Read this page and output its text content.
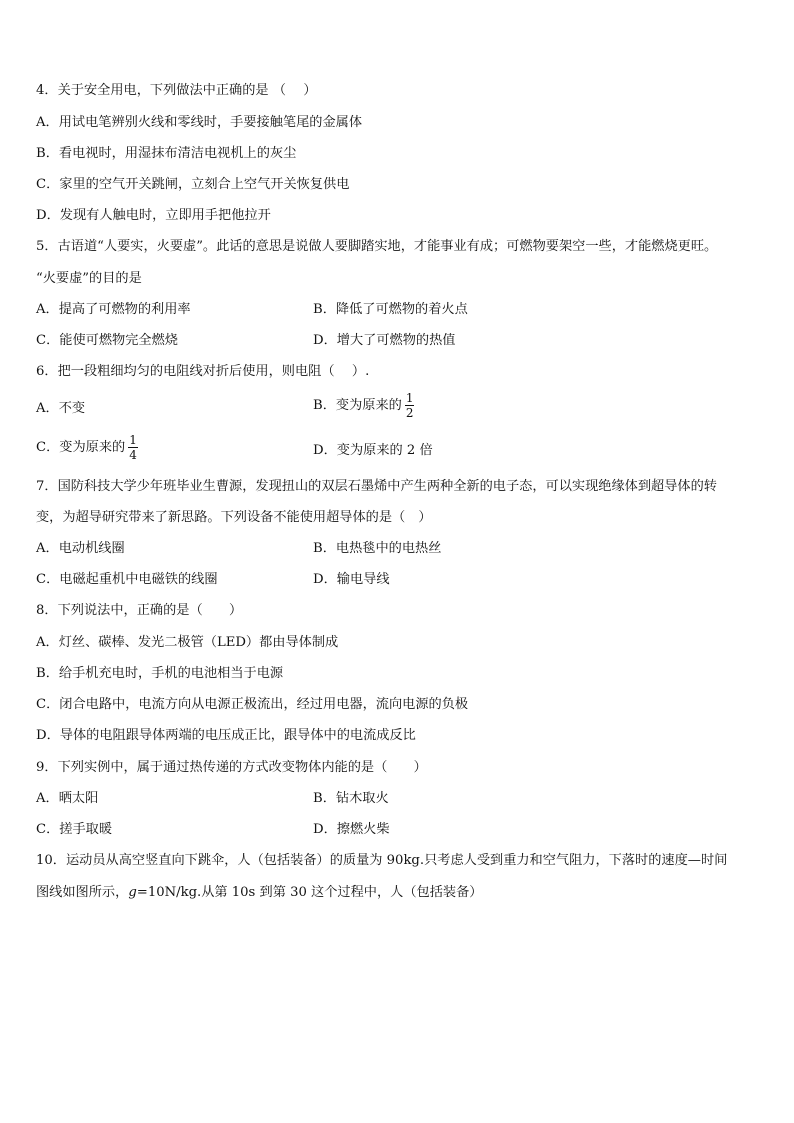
4．关于安全用电，下列做法中正确的是 （　 ）
A．用试电笔辨别火线和零线时，手要接触笔尾的金属体
B．看电视时，用湿抹布清洁电视机上的灰尘
C．家里的空气开关跳闸，立刻合上空气开关恢复供电
D．发现有人触电时，立即用手把他拉开
5．古语道“人要实，火要虚”。此话的意思是说做人要脚踏实地，才能事业有成；可燃物要架空一些，才能燃烧更旺。
“火要虚”的目的是
A．提高了可燃物的利用率	B．降低了可燃物的着火点
C．能使可燃物完全燃烧	D．增大了可燃物的热值
6．把一段粗细均匀的电阻线对折后使用，则电阻（　 ）.
A．不变	B．变为原来的 $\frac{1}{2}$
C．变为原来的 $\frac{1}{4}$	D．变为原来的 2 倍
7．国防科技大学少年班毕业生曹源，发现扭山的双层石墨烯中产生两种全新的电子态，可以实现绝缘体到超导体的转
变，为超导研究带来了新思路。下列设备不能使用超导体的是（　）
A．电动机线圈	B．电热毯中的电热丝
C．电磁起重机中电磁铁的线圈	D．输电导线
8．下列说法中，正确的是（　　）
A．灯丝、碳棒、发光二极管（LED）都由导体制成
B．给手机充电时，手机的电池相当于电源
C．闭合电路中，电流方向从电源正极流出，经过用电器，流向电源的负极
D．导体的电阻跟导体两端的电压成正比，跟导体中的电流成反比
9．下列实例中，属于通过热传递的方式改变物体内能的是（　　）
A．晒太阳	B．钻木取火
C．搓手取暖	D．擦燃火柴
10．运动员从高空竖直向下跳伞，人（包括装备）的质量为 90kg.只考虑人受到重力和空气阻力，下落时的速度—时间
图线如图所示，g=10N/kg.从第 10s 到第 30 这个过程中，人（包括装备）
